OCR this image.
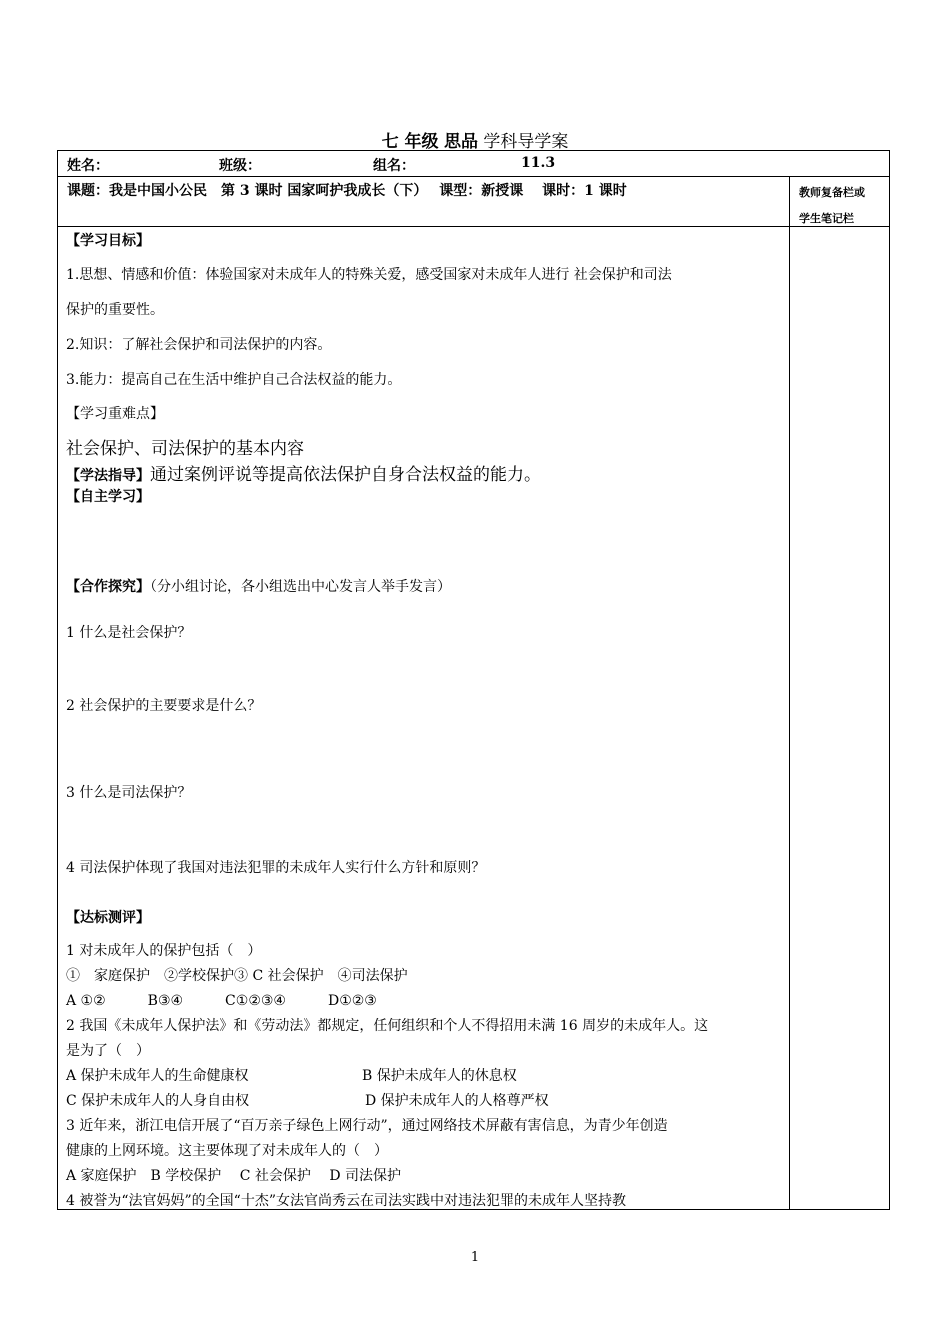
七 年级 思品 学科导学案
姓名：	班级：	组名：	11.3
课题：我是中国小公民　第 3 课时 国家呵护我成长（下）　 课型：新授课　 课时：1 课时	教师复备栏或
学生笔记栏
【学习目标】
1.思想、情感和价值：体验国家对未成年人的特殊关爱，感受国家对未成年人进行 社会保护和司法
保护的重要性。
2.知识：了解社会保护和司法保护的内容。
3.能力：提高自己在生活中维护自己合法权益的能力。
【学习重难点】
社会保护、司法保护的基本内容
【学法指导】通过案例评说等提高依法保护自身合法权益的能力。
【自主学习】
【合作探究】（分小组讨论，各小组选出中心发言人举手发言）
1 什么是社会保护？
2 社会保护的主要要求是什么？
3 什么是司法保护？
4 司法保护体现了我国对违法犯罪的未成年人实行什么方针和原则？
【达标测评】
1 对未成年人的保护包括（　）
①　家庭保护　②学校保护③ C 社会保护　④司法保护
A ①②　　　B③④　　　C①②③④　　　D①②③
2 我国《未成年人保护法》和《劳动法》都规定，任何组织和个人不得招用未满 16 周岁的未成年人。这
是为了（　）
A 保护未成年人的生命健康权	B 保护未成年人的休息权
C 保护未成年人的人身自由权	D 保护未成年人的人格尊严权
3 近年来，浙江电信开展了“百万亲子绿色上网行动”，通过网络技术屏蔽有害信息，为青少年创造
健康的上网环境。这主要体现了对未成年人的（　）
A 家庭保护　B 学校保护　 C 社会保护　 D 司法保护
4 被誉为“法官妈妈”的全国“十杰”女法官尚秀云在司法实践中对违法犯罪的未成年人坚持教
1
